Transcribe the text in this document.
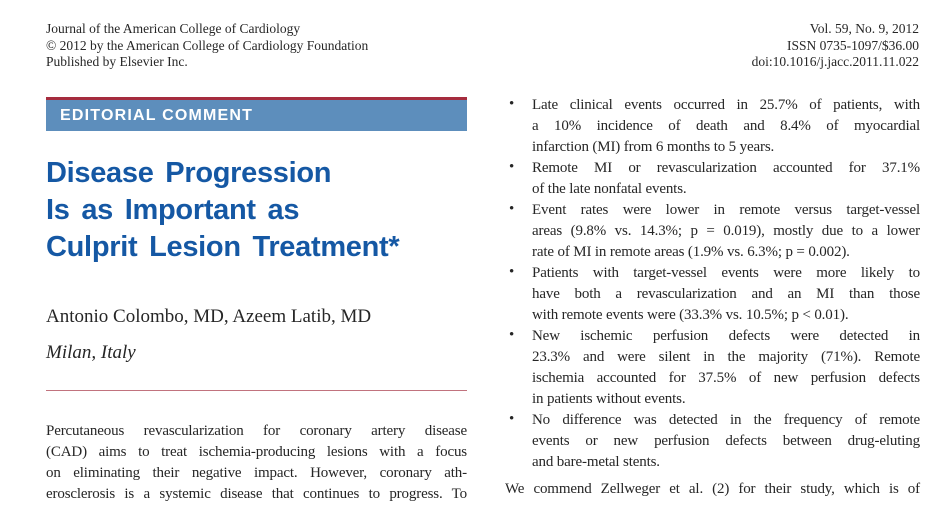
Journal of the American College of Cardiology
© 2012 by the American College of Cardiology Foundation
Published by Elsevier Inc.
Vol. 59, No. 9, 2012
ISSN 0735-1097/$36.00
doi:10.1016/j.jacc.2011.11.022
EDITORIAL COMMENT
Disease Progression
Is as Important as
Culprit Lesion Treatment*
Antonio Colombo, MD, Azeem Latib, MD
Milan, Italy
Percutaneous revascularization for coronary artery disease
(CAD) aims to treat ischemia-producing lesions with a focus
on eliminating their negative impact. However, coronary ath-
erosclerosis is a systemic disease that continues to progress. To
• Late clinical events occurred in 25.7% of patients, with
a 10% incidence of death and 8.4% of myocardial
infarction (MI) from 6 months to 5 years.
• Remote MI or revascularization accounted for 37.1%
of the late nonfatal events.
• Event rates were lower in remote versus target-vessel
areas (9.8% vs. 14.3%; p = 0.019), mostly due to a lower
rate of MI in remote areas (1.9% vs. 6.3%; p = 0.002).
• Patients with target-vessel events were more likely to
have both a revascularization and an MI than those
with remote events were (33.3% vs. 10.5%; p < 0.01).
• New ischemic perfusion defects were detected in
23.3% and were silent in the majority (71%). Remote
ischemia accounted for 37.5% of new perfusion defects
in patients without events.
• No difference was detected in the frequency of remote
events or new perfusion defects between drug-eluting
and bare-metal stents.
We commend Zellweger et al. (2) for their study, which is of
